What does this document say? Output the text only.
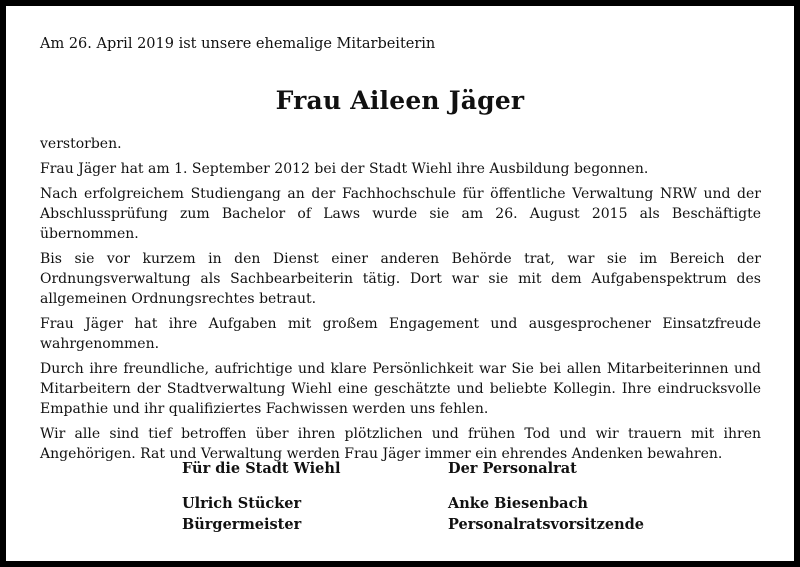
Am 26. April 2019 ist unsere ehemalige Mitarbeiterin
Frau Aileen Jäger

verstorben.

Frau Jäger hat am 1. September 2012 bei der Stadt Wiehl ihre Ausbildung begonnen.

Nach erfolgreichem Studiengang an der Fachhochschule für öffentliche Verwaltung NRW und der Abschlussprüfung zum Bachelor of Laws wurde sie am 26. August 2015 als Beschäftigte übernommen.

Bis sie vor kurzem in den Dienst einer anderen Behörde trat, war sie im Bereich der Ordnungsverwaltung als Sachbearbeiterin tätig. Dort war sie mit dem Aufgabenspektrum des allgemeinen Ordnungsrechtes betraut.

Frau Jäger hat ihre Aufgaben mit großem Engagement und ausgesprochener Einsatzfreude wahrgenommen.

Durch ihre freundliche, aufrichtige und klare Persönlichkeit war Sie bei allen Mitarbeiterinnen und Mitarbeitern der Stadtverwaltung Wiehl eine geschätzte und beliebte Kollegin. Ihre eindrucksvolle Empathie und ihr qualifiziertes Fachwissen werden uns fehlen.

Wir alle sind tief betroffen über ihren plötzlichen und frühen Tod und wir trauern mit ihren Angehörigen. Rat und Verwaltung werden Frau Jäger immer ein ehrendes Andenken bewahren.

Für die Stadt Wiehl
Ulrich Stücker
Bürgermeister
Der Personalrat
Anke Biesenbach
Personalratsvorsitzende
